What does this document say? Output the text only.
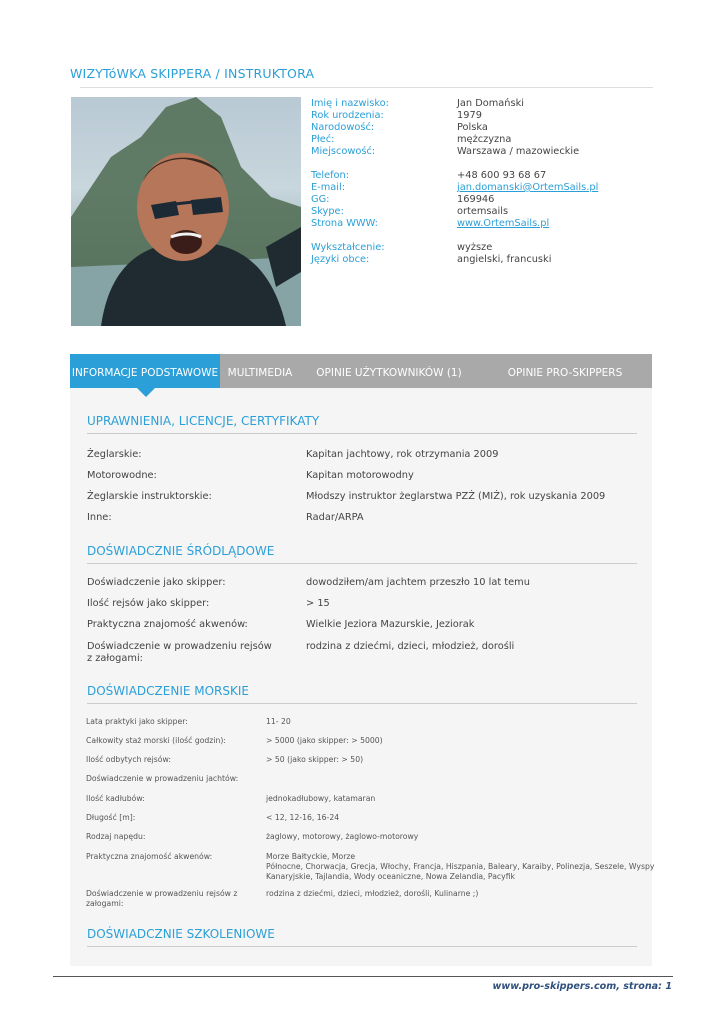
WIZYTóWKA SKIPPERA / INSTRUKTORA
Imię i nazwisko:	Jan Domański
Rok urodzenia:	1979
Narodowość:	Polska
Płeć:	mężczyzna
Miejscowość:	Warszawa / mazowieckie
Telefon:	+48 600 93 68 67
E-mail:	jan.domanski@OrtemSails.pl
GG:	169946
Skype:	ortemsails
Strona WWW:	www.OrtemSails.pl
Wykształcenie:	wyższe
Języki obce:	angielski, francuski
INFORMACJE PODSTAWOWE MULTIMEDIA	OPINIE UŻYTKOWNIKÓW (1)	OPINIE PRO-SKIPPERS
UPRAWNIENIA, LICENCJE, CERTYFIKATY
Żeglarskie:	Kapitan jachtowy, rok otrzymania 2009
Motorowodne:	Kapitan motorowodny
Żeglarskie instruktorskie:	Młodszy instruktor żeglarstwa PZŻ (MIŻ), rok uzyskania 2009
Inne:	Radar/ARPA
DOŚWIADCZNIE ŚRÓDLĄDOWE
Doświadczenie jako skipper:	dowodziłem/am jachtem przeszło 10 lat temu
Ilość rejsów jako skipper:	> 15
Praktyczna znajomość akwenów:	Wielkie Jeziora Mazurskie, Jeziorak
Doświadczenie w prowadzeniu rejsów z załogami:
rodzina z dziećmi, dzieci, młodzież, dorośli
DOŚWIADCZENIE MORSKIE
Lata praktyki jako skipper:	11- 20
Całkowity staż morski (ilość godzin):	> 5000 (jako skipper: > 5000)
Ilość odbytych rejsów:	> 50 (jako skipper: > 50)
Doświadczenie w prowadzeniu jachtów:
Ilość kadłubów:	jednokadłubowy, katamaran
Długość [m]:	< 12, 12-16, 16-24
Rodzaj napędu:	żaglowy, motorowy, żaglowo-motorowy
Praktyczna znajomość akwenów:	Morze Bałtyckie, Morze
Północne, Chorwacja, Grecja, Włochy, Francja, Hiszpania, Baleary, Karaiby, Polinezja, Seszele, Wyspy Kanaryjskie, Tajlandia, Wody oceaniczne, Nowa Zelandia, Pacyfik
Doświadczenie w prowadzeniu rejsów z załogami:
rodzina z dziećmi, dzieci, młodzież, dorośli, Kulinarne ;)
DOŚWIADCZNIE SZKOLENIOWE
www.pro-skippers.com, strona: 1
